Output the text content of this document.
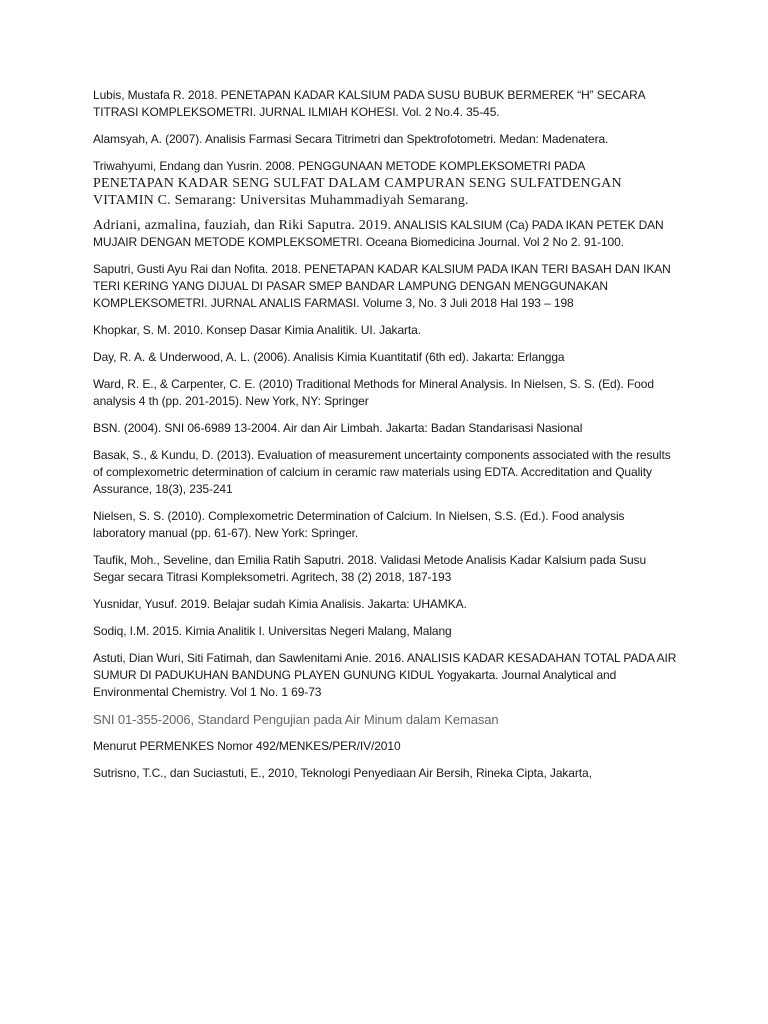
Lubis, Mustafa R. 2018. PENETAPAN KADAR KALSIUM PADA SUSU BUBUK BERMEREK “H” SECARA TITRASI KOMPLEKSOMETRI. JURNAL ILMIAH KOHESI. Vol. 2 No.4. 35-45.

Alamsyah, A. (2007). Analisis Farmasi Secara Titrimetri dan Spektrofotometri. Medan: Madenatera.

Triwahyumi, Endang dan Yusrin. 2008. PENGGUNAAN METODE KOMPLEKSOMETRI PADA
PENETAPAN KADAR SENG SULFAT DALAM CAMPURAN SENG SULFATDENGAN VITAMIN C. Semarang: Universitas Muhammadiyah Semarang.

Adriani, azmalina, fauziah, dan Riki Saputra. 2019. ANALISIS KALSIUM (Ca) PADA IKAN PETEK DAN MUJAIR DENGAN METODE KOMPLEKSOMETRI. Oceana Biomedicina Journal. Vol 2 No 2. 91-100.

Saputri, Gusti Ayu Rai dan Nofita. 2018. PENETAPAN KADAR KALSIUM PADA IKAN TERI BASAH DAN IKAN TERI KERING YANG DIJUAL DI PASAR SMEP BANDAR LAMPUNG DENGAN MENGGUNAKAN KOMPLEKSOMETRI. JURNAL ANALIS FARMASI. Volume 3, No. 3 Juli 2018 Hal 193 – 198

Khopkar, S. M. 2010. Konsep Dasar Kimia Analitik. UI. Jakarta.

Day, R. A. & Underwood, A. L. (2006). Analisis Kimia Kuantitatif (6th ed). Jakarta: Erlangga

Ward, R. E., & Carpenter, C. E. (2010) Traditional Methods for Mineral Analysis. In Nielsen, S. S. (Ed). Food analysis 4 th (pp. 201-2015). New York, NY: Springer

BSN. (2004). SNI 06-6989 13-2004. Air dan Air Limbah. Jakarta: Badan Standarisasi Nasional

Basak, S., & Kundu, D. (2013). Evaluation of measurement uncertainty components associated with the results of complexometric determination of calcium in ceramic raw materials using EDTA. Accreditation and Quality Assurance, 18(3), 235-241

Nielsen, S. S. (2010). Complexometric Determination of Calcium. In Nielsen, S.S. (Ed.). Food analysis laboratory manual (pp. 61-67). New York: Springer.

Taufik, Moh., Seveline, dan Emilia Ratih Saputri. 2018. Validasi Metode Analisis Kadar Kalsium pada Susu Segar secara Titrasi Kompleksometri. Agritech, 38 (2) 2018, 187-193

Yusnidar, Yusuf. 2019. Belajar sudah Kimia Analisis. Jakarta: UHAMKA.

Sodiq, I.M. 2015. Kimia Analitik I. Universitas Negeri Malang, Malang

Astuti, Dian Wuri, Siti Fatimah, dan Sawlenitami Anie. 2016. ANALISIS KADAR KESADAHAN TOTAL PADA AIR SUMUR DI PADUKUHAN BANDUNG PLAYEN GUNUNG KIDUL Yogyakarta. Journal Analytical and Environmental Chemistry. Vol 1 No. 1 69-73

SNI 01-355-2006, Standard Pengujian pada Air Minum dalam Kemasan

Menurut PERMENKES Nomor 492/MENKES/PER/IV/2010

Sutrisno, T.C., dan Suciastuti, E., 2010, Teknologi Penyediaan Air Bersih, Rineka Cipta, Jakarta,
